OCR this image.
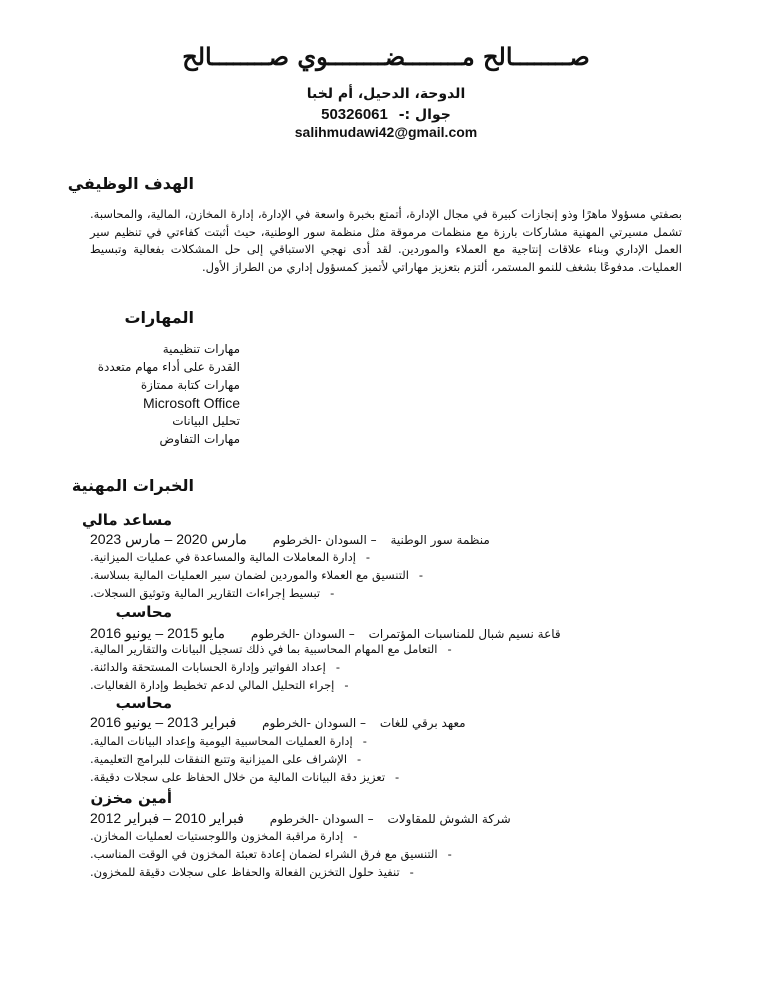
صــــــــالح مــــــــضــــــــوي صــــــــالح
الدوحة، الدحيل، أم لخبا
جوال :- 50326061
salihmudawi42@gmail.com
الهدف الوظيفي
بصفتي مسؤولا ماهرًا وذو إنجازات كبيرة في مجال الإدارة، أتمتع بخبرة واسعة في الإدارة، إدارة المخازن، المالية، والمحاسبة. تشمل مسيرتي المهنية مشاركات بارزة مع منظمات مرموقة مثل منظمة سور الوطنية، حيث أثبتت كفاءتي في تنظيم سير العمل الإداري وبناء علاقات إنتاجية مع العملاء والموردين. لقد أدى نهجي الاستباقي إلى حل المشكلات بفعالية وتبسيط العمليات. مدفوعًا بشغف للنمو المستمر، ألتزم بتعزيز مهاراتي لأتميز كمسؤول إداري من الطراز الأول.
المهارات
مهارات تنظيمية
القدرة على أداء مهام متعددة
مهارات كتابة ممتازة
Microsoft Office
تحليل البيانات
مهارات التفاوض
الخبرات المهنية
مساعد مالي
منظمة سور الوطنية – السودان -الخرطوم مارس 2020 – مارس 2023
-إدارة المعاملات المالية والمساعدة في عمليات الميزانية.
-التنسيق مع العملاء والموردين لضمان سير العمليات المالية بسلاسة.
-تبسيط إجراءات التقارير المالية وتوثيق السجلات.
محاسب
قاعة نسيم شبال للمناسبات المؤتمرات – السودان -الخرطوم مايو 2015 – يونيو 2016
-التعامل مع المهام المحاسبية بما في ذلك تسجيل البيانات والتقارير المالية.
-إعداد الفواتير وإدارة الحسابات المستحقة والدائنة.
-إجراء التحليل المالي لدعم تخطيط وإدارة الفعاليات.
محاسب
معهد برقي للغات – السودان -الخرطوم فبراير 2013 – يونيو 2016
-إدارة العمليات المحاسبية اليومية وإعداد البيانات المالية.
-الإشراف على الميزانية وتتبع النفقات للبرامج التعليمية.
-تعزيز دقة البيانات المالية من خلال الحفاظ على سجلات دقيقة.
أمين مخزن
شركة الشوش للمقاولات – السودان -الخرطوم فبراير 2010 – فبراير 2012
-إدارة مراقبة المخزون واللوجستيات لعمليات المخازن.
-التنسيق مع فرق الشراء لضمان إعادة تعبئة المخزون في الوقت المناسب.
-تنفيذ حلول التخزين الفعالة والحفاظ على سجلات دقيقة للمخزون.
